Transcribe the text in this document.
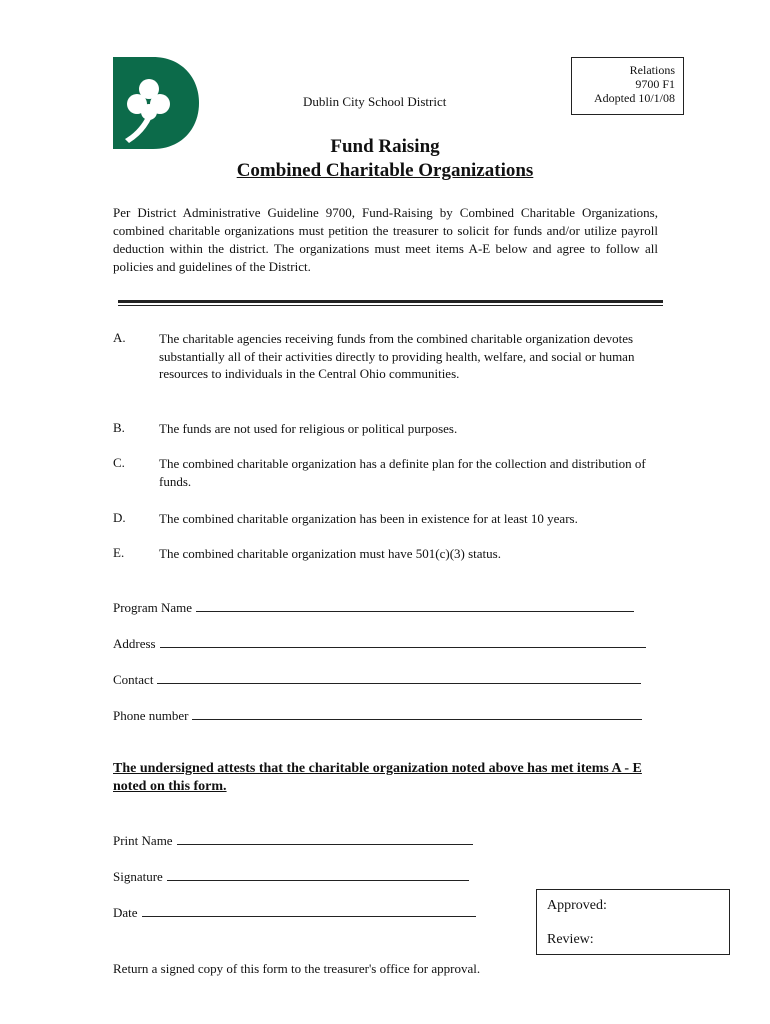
Dublin City School District
Relations
9700 F1
Adopted 10/1/08
Fund Raising
Combined Charitable Organizations

Per District Administrative Guideline 9700, Fund-Raising by Combined Charitable Organizations, combined charitable organizations must petition the treasurer to solicit for funds and/or utilize payroll deduction within the district. The organizations must meet items A-E below and agree to follow all policies and guidelines of the District.

A.	The charitable agencies receiving funds from the combined charitable organization devotes substantially all of their activities directly to providing health, welfare, and social or human resources to individuals in the Central Ohio communities.

B.	The funds are not used for religious or political purposes.

C.	The combined charitable organization has a definite plan for the collection and distribution of funds.

D.	The combined charitable organization has been in existence for at least 10 years.

E.	The combined charitable organization must have 501(c)(3) status.

Program Name
Address
Contact
Phone number

The undersigned attests that the charitable organization noted above has met items A - E noted on this form.

Print Name
Signature
Date	Approved:
Review:
Return a signed copy of this form to the treasurer's office for approval.
